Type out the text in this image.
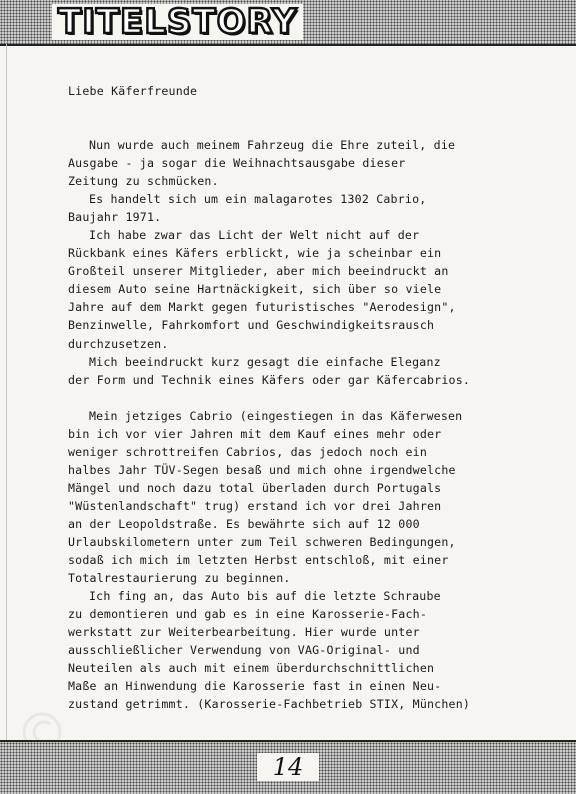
TITELSTORY
Liebe Käferfreunde
Nun wurde auch meinem Fahrzeug die Ehre zuteil, die
Ausgabe - ja sogar die Weihnachtsausgabe dieser
Zeitung zu schmücken.
Es handelt sich um ein malagarotes 1302 Cabrio,
Baujahr 1971.
Ich habe zwar das Licht der Welt nicht auf der
Rückbank eines Käfers erblickt, wie ja scheinbar ein
Großteil unserer Mitglieder, aber mich beeindruckt an
diesem Auto seine Hartnäckigkeit, sich über so viele
Jahre auf dem Markt gegen futuristisches "Aerodesign",
Benzinwelle, Fahrkomfort und Geschwindigkeitsrausch
durchzusetzen.
Mich beeindruckt kurz gesagt die einfache Eleganz
der Form und Technik eines Käfers oder gar Käfercabrios.

Mein jetziges Cabrio (eingestiegen in das Käferwesen
bin ich vor vier Jahren mit dem Kauf eines mehr oder
weniger schrottreifen Cabrios, das jedoch noch ein
halbes Jahr TÜV-Segen besaß und mich ohne irgendwelche
Mängel und noch dazu total überladen durch Portugals
"Wüstenlandschaft" trug) erstand ich vor drei Jahren
an der Leopoldstraße. Es bewährte sich auf 12 000
Urlaubskilometern unter zum Teil schweren Bedingungen,
sodaß ich mich im letzten Herbst entschloß, mit einer
Totalrestaurierung zu beginnen.
Ich fing an, das Auto bis auf die letzte Schraube
zu demontieren und gab es in eine Karosserie-Fach-
werkstatt zur Weiterbearbeitung. Hier wurde unter
ausschließlicher Verwendung von VAG-Original- und
Neuteilen als auch mit einem überdurchschnittlichen
Maße an Hinwendung die Karosserie fast in einen Neu-
zustand getrimmt. (Karosserie-Fachbetrieb STIX, München)
14
